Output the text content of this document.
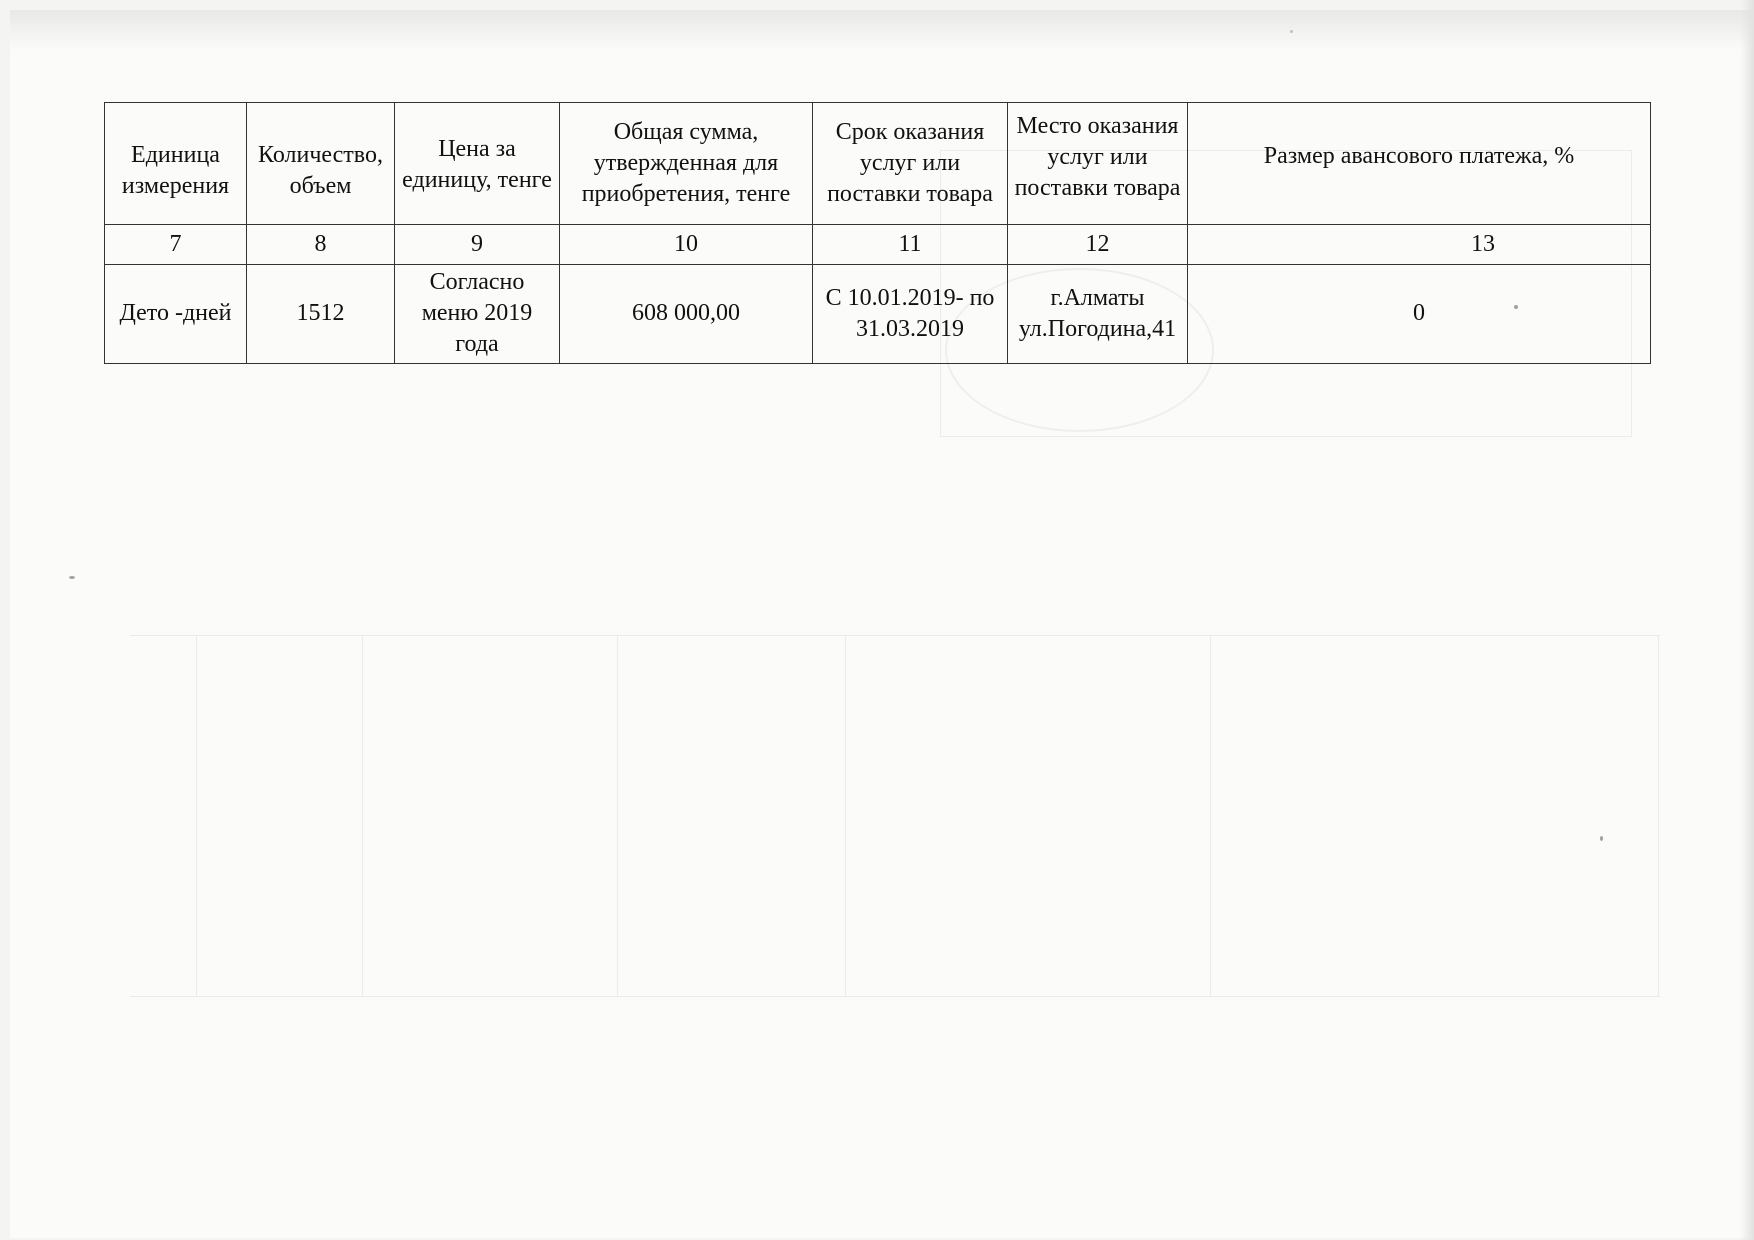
Единица измерения	Количество, объем	Цена за единицу, тенге	Общая сумма, утвержденная для приобретения, тенге	Срок оказания услуг или поставки товара	Место оказания услуг или поставки товара	Размер авансового платежа, %
7	8	9	10	11	12	13
Дето -дней	1512	Согласно меню 2019 года	608 000,00	С 10.01.2019- по 31.03.2019	г.Алматы ул.Погодина,41	0
